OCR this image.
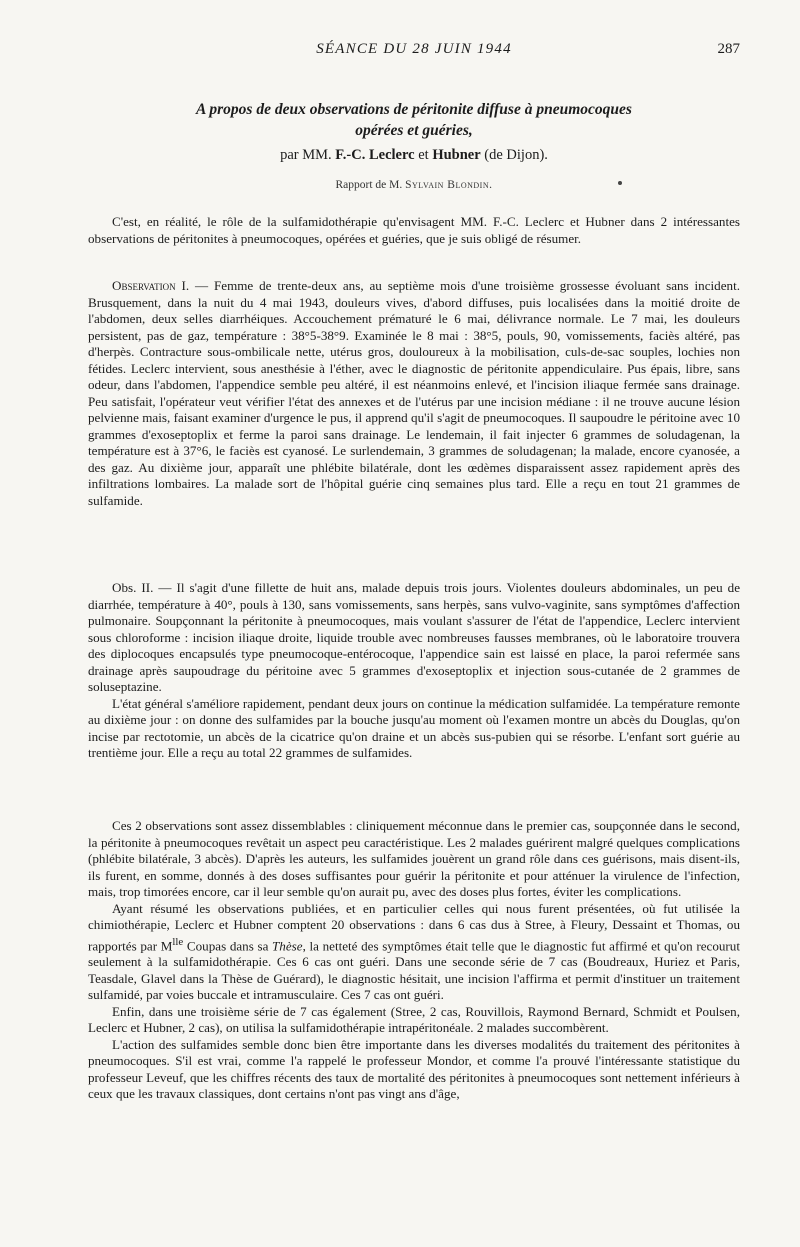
SÉANCE DU 28 JUIN 1944	287
A propos de deux observations de péritonite diffuse à pneumocoques
opérées et guéries,
par MM. F.-C. Leclerc et Hubner (de Dijon).
Rapport de M. Sylvain Blondin.

C'est, en réalité, le rôle de la sulfamidothérapie qu'envisagent MM. F.-C. Leclerc et Hubner dans 2 intéressantes observations de péritonites à pneumocoques, opérées et guéries, que je suis obligé de résumer.

Observation I. — Femme de trente-deux ans, au septième mois d'une troisième grossesse évoluant sans incident. Brusquement, dans la nuit du 4 mai 1943, douleurs vives, d'abord diffuses, puis localisées dans la moitié droite de l'abdomen, deux selles diarrhéiques. Accouchement prématuré le 6 mai, délivrance normale. Le 7 mai, les douleurs persistent, pas de gaz, température : 38°5-38°9. Examinée le 8 mai : 38°5, pouls, 90, vomissements, faciès altéré, pas d'herpès. Contracture sous-ombilicale nette, utérus gros, douloureux à la mobilisation, culs-de-sac souples, lochies non fétides. Leclerc intervient, sous anesthésie à l'éther, avec le diagnostic de péritonite appendiculaire. Pus épais, libre, sans odeur, dans l'abdomen, l'appendice semble peu altéré, il est néanmoins enlevé, et l'incision iliaque fermée sans drainage. Peu satisfait, l'opérateur veut vérifier l'état des annexes et de l'utérus par une incision médiane : il ne trouve aucune lésion pelvienne mais, faisant examiner d'urgence le pus, il apprend qu'il s'agit de pneumocoques. Il saupoudre le péritoine avec 10 grammes d'exoseptoplix et ferme la paroi sans drainage. Le lendemain, il fait injecter 6 grammes de soludagenan, la température est à 37°6, le faciès est cyanosé. Le surlendemain, 3 grammes de soludagenan; la malade, encore cyanosée, a des gaz. Au dixième jour, apparaît une phlébite bilatérale, dont les œdèmes disparaissent assez rapidement après des infiltrations lombaires. La malade sort de l'hôpital guérie cinq semaines plus tard. Elle a reçu en tout 21 grammes de sulfamide.

Obs. II. — Il s'agit d'une fillette de huit ans, malade depuis trois jours. Violentes douleurs abdominales, un peu de diarrhée, température à 40°, pouls à 130, sans vomissements, sans herpès, sans vulvo-vaginite, sans symptômes d'affection pulmonaire. Soupçonnant la péritonite à pneumocoques, mais voulant s'assurer de l'état de l'appendice, Leclerc intervient sous chloroforme : incision iliaque droite, liquide trouble avec nombreuses fausses membranes, où le laboratoire trouvera des diplocoques encapsulés type pneumocoque-entérocoque, l'appendice sain est laissé en place, la paroi refermée sans drainage après saupoudrage du péritoine avec 5 grammes d'exoseptoplix et injection sous-cutanée de 2 grammes de soluseptazine.

L'état général s'améliore rapidement, pendant deux jours on continue la médication sulfamidée. La température remonte au dixième jour : on donne des sulfamides par la bouche jusqu'au moment où l'examen montre un abcès du Douglas, qu'on incise par rectotomie, un abcès de la cicatrice qu'on draine et un abcès sus-pubien qui se résorbe. L'enfant sort guérie au trentième jour. Elle a reçu au total 22 grammes de sulfamides.

Ces 2 observations sont assez dissemblables : cliniquement méconnue dans le premier cas, soupçonnée dans le second, la péritonite à pneumocoques revêtait un aspect peu caractéristique. Les 2 malades guérirent malgré quelques complications (phlébite bilatérale, 3 abcès). D'après les auteurs, les sulfamides jouèrent un grand rôle dans ces guérisons, mais disent-ils, ils furent, en somme, donnés à des doses suffisantes pour guérir la péritonite et pour atténuer la virulence de l'infection, mais, trop timorées encore, car il leur semble qu'on aurait pu, avec des doses plus fortes, éviter les complications.

Ayant résumé les observations publiées, et en particulier celles qui nous furent présentées, où fut utilisée la chimiothérapie, Leclerc et Hubner comptent 20 observations : dans 6 cas dus à Stree, à Fleury, Dessaint et Thomas, ou rapportés par $M^{lle}$ Coupas dans sa Thèse, la netteté des symptômes était telle que le diagnostic fut affirmé et qu'on recourut seulement à la sulfamidothérapie. Ces 6 cas ont guéri. Dans une seconde série de 7 cas (Boudreaux, Huriez et Paris, Teasdale, Glavel dans la Thèse de Guérard), le diagnostic hésitait, une incision l'affirma et permit d'instituer un traitement sulfamidé, par voies buccale et intramusculaire. Ces 7 cas ont guéri.

Enfin, dans une troisième série de 7 cas également (Stree, 2 cas, Rouvillois, Raymond Bernard, Schmidt et Poulsen, Leclerc et Hubner, 2 cas), on utilisa la sulfamidothérapie intrapéritonéale. 2 malades succombèrent.

L'action des sulfamides semble donc bien être importante dans les diverses modalités du traitement des péritonites à pneumocoques. S'il est vrai, comme l'a rappelé le professeur Mondor, et comme l'a prouvé l'intéressante statistique du professeur Leveuf, que les chiffres récents des taux de mortalité des péritonites à pneumocoques sont nettement inférieurs à ceux que les travaux classiques, dont certains n'ont pas vingt ans d'âge,
